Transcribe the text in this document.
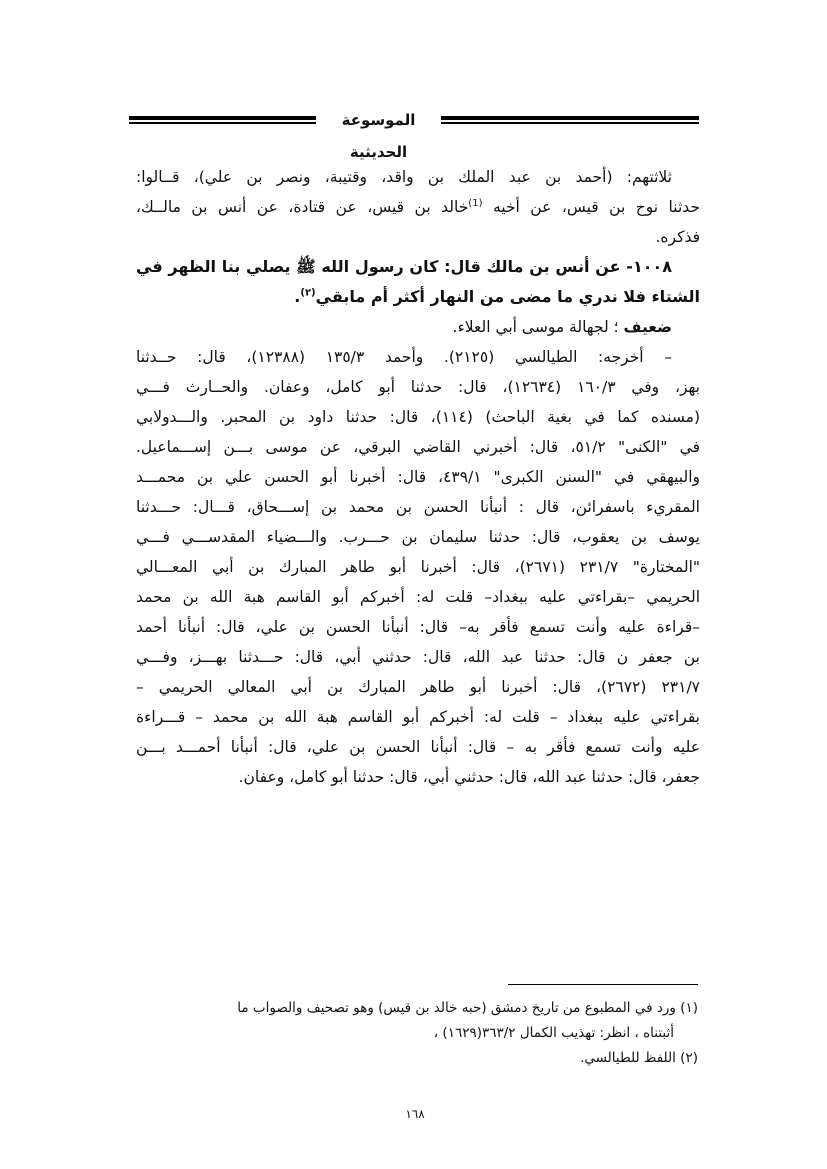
الموسوعة الحديثية

ثلاثتهم: (أحمد بن عبد الملك بن واقد، وقتيبة، ونصر بن علي)، قــالوا:
حدثنا نوح بن قيس، عن أخيه $^{(1)}$خالد بن قيس، عن قتادة، عن أنس بن مالــك،
فذكره.

١٠٠٨- عن أنس بن مالك قال: كان رسول الله ﷺ يصلي بنا الظهر في
الشتاء فلا ندري ما مضى من النهار أكثر أم مابقي$^{(٢)}$.

ضعيف ؛ لجهالة موسى أبي العلاء.

– أخرجه: الطيالسي (٢١٢٥). وأحمد ١٣٥/٣ (١٢٣٨٨)، قال: حــدثنا
بهز، وفي ١٦٠/٣ (١٢٦٣٤)، قال: حدثنا أبو كامل، وعفان. والحــارث فـــي
(مسنده كما في بغية الباحث) (١١٤)، قال: حدثنا داود بن المحبر. والـــدولابي
في "الكنى" ٥١/٢، قال: أخبرني القاضي البرقي، عن موسى بـــن إســـماعيل.
والبيهقي في "السنن الكبرى" ٤٣٩/١، قال: أخبرنا أبو الحسن علي بن محمـــد
المقريء باسفرائن، قال : أنبأنا الحسن بن محمد بن إســـحاق، قـــال: حـــدثنا
يوسف بن يعقوب، قال: حدثنا سليمان بن حـــرب. والـــضياء المقدســـي فـــي
"المختارة" ٢٣١/٧ (٢٦٧١)، قال: أخبرنا أبو طاهر المبارك بن أبي المعـــالي
الحريمي –بقراءتي عليه ببغداد– قلت له: أخبركم أبو القاسم هبة الله بن محمد
–قراءة عليه وأنت تسمع فأقر به– قال: أنبأنا الحسن بن علي، قال: أنبأنا أحمد
بن جعفر ن قال: حدثنا عبد الله، قال: حدثني أبي، قال: حـــدثنا بهـــز، وفـــي
٢٣١/٧ (٢٦٧٢)، قال: أخبرنا أبو طاهر المبارك بن أبي المعالي الحريمي –
بقراءتي عليه ببغداد – قلت له: أخبركم أبو القاسم هبة الله بن محمد – قـــراءة
عليه وأنت تسمع فأقر به – قال: أنبأنا الحسن بن علي، قال: أنبأنا أحمـــد بـــن
جعفر، قال: حدثنا عبد الله، قال: حدثني أبي، قال: حدثنا أبو كامل، وعفان.

(١) ورد في المطبوع من تاريخ دمشق (حبه خالد بن قيس) وهو تصحيف والصواب ما
أثبتناه ، انظر: تهذيب الكمال ٣٦٣/٢(١٦٢٩) ،

(٢) اللفظ للطيالسي.

١٦٨
